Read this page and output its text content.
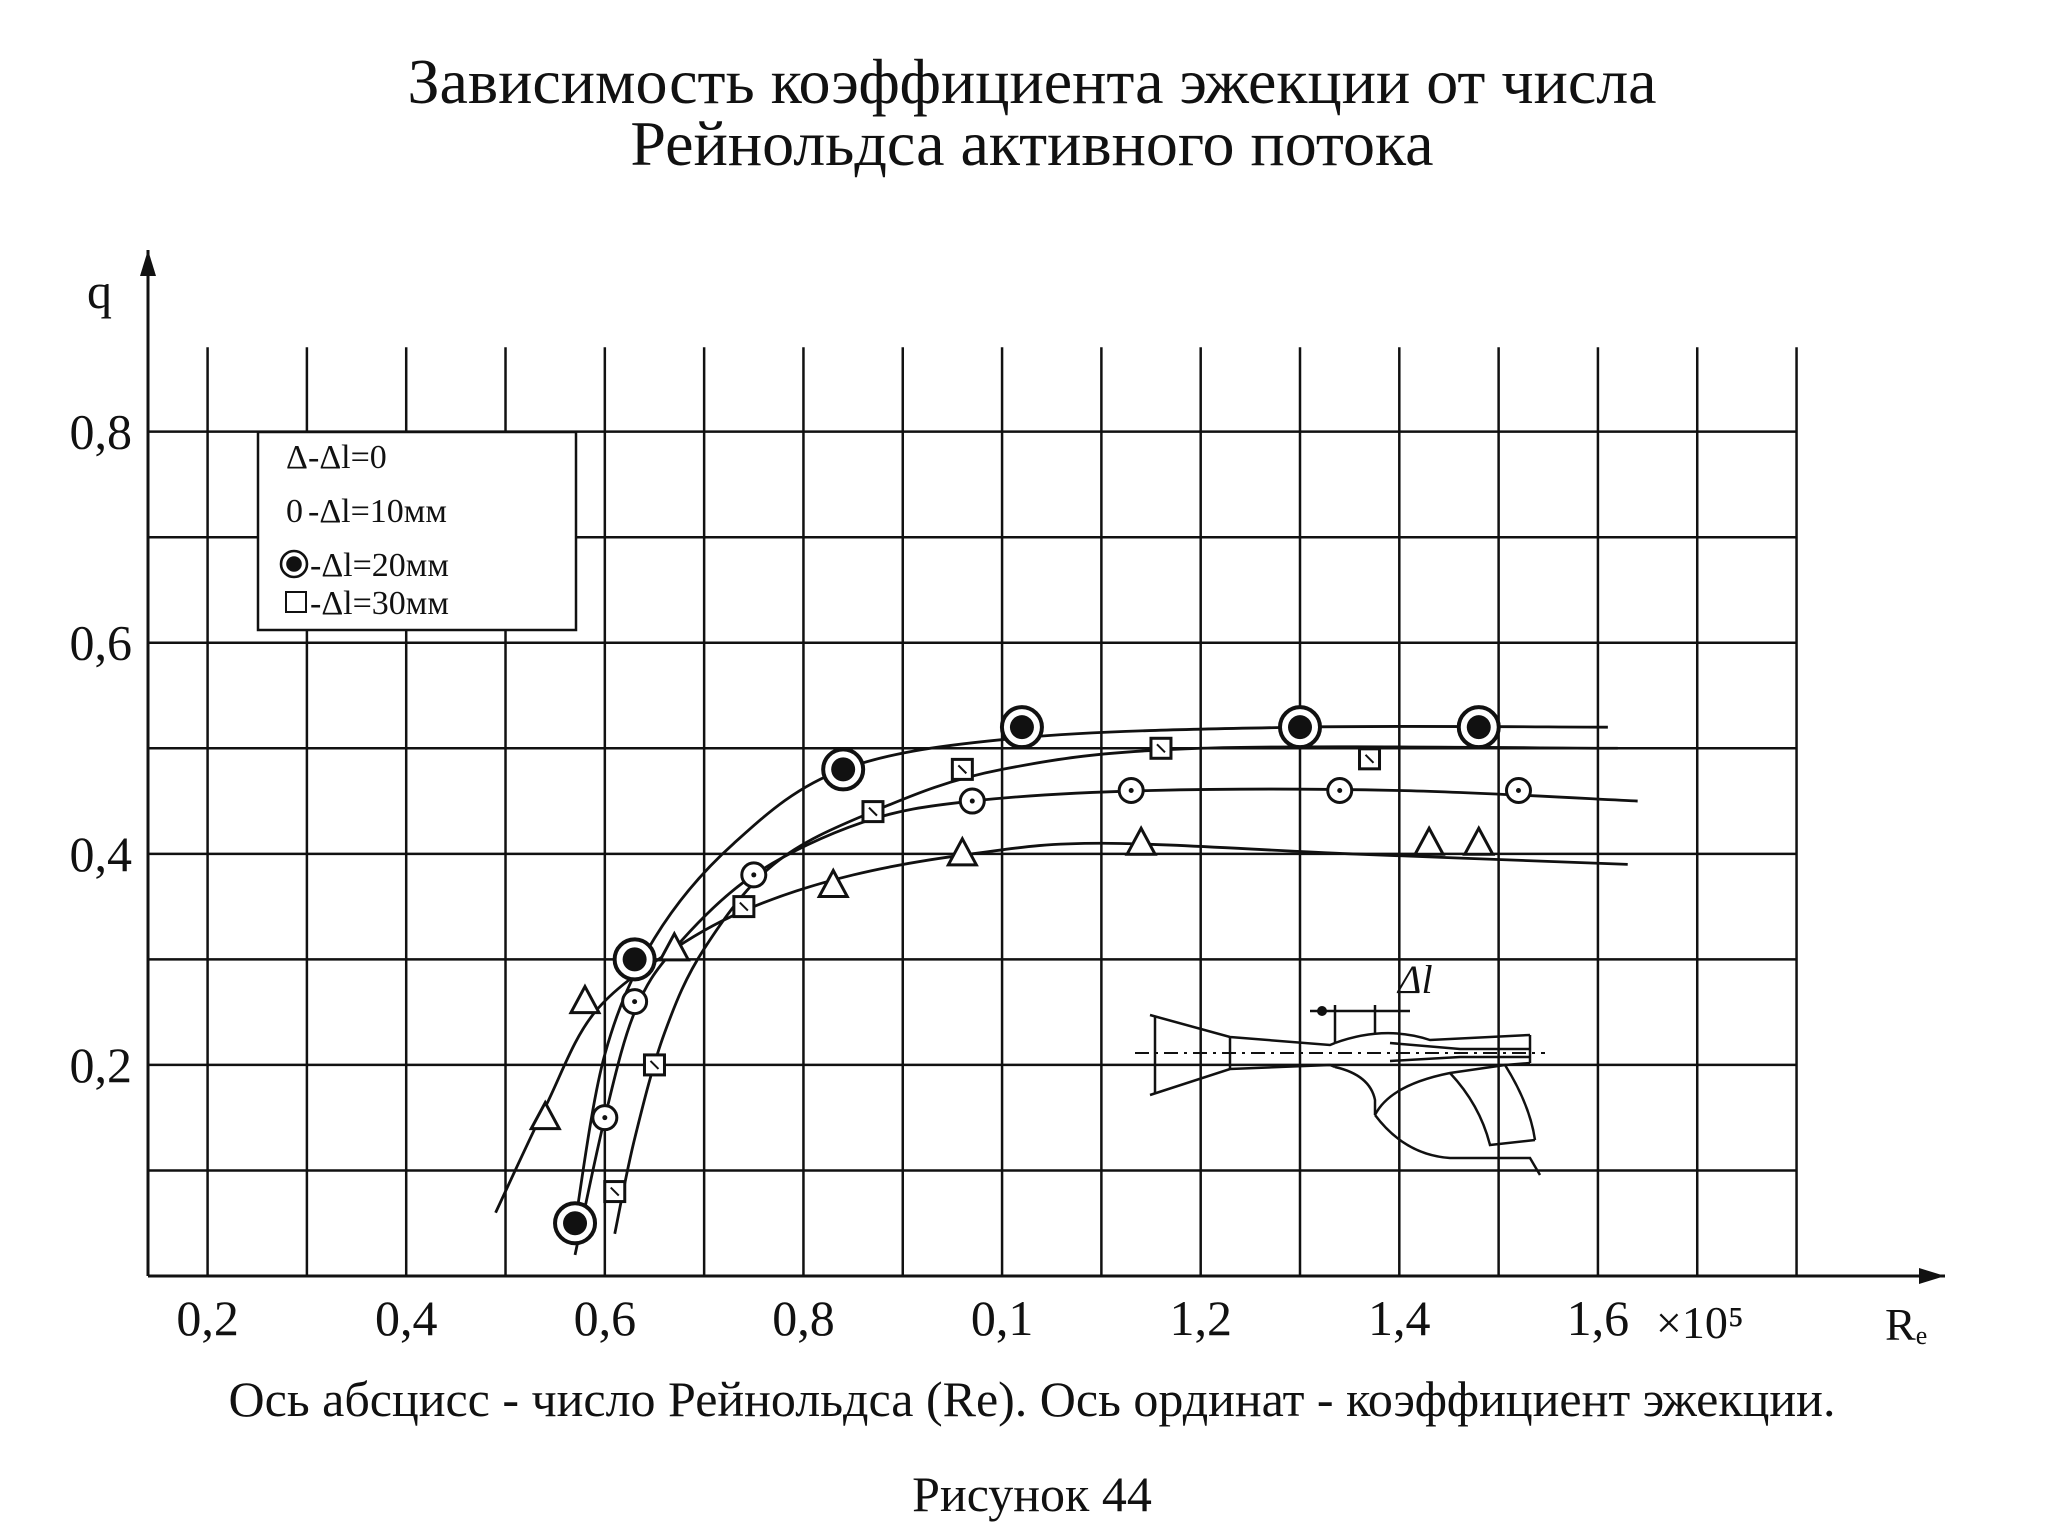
Зависимость коэффициента эжекции от числа
Рейнольдса активного потока
q
Rе
0,2	0,4	0,6	0,8	0,1	1,2	1,4	1,6 ×10⁵
0,2
0,4
0,6
0,8	Δ -Δl=0
0 -Δl=10мм
-Δl=20мм
-Δl=30мм
Δl
Ось абсцисс - число Рейнольдса (Rе). Ось ординат - коэффициент эжекции.
Рисунок 44
